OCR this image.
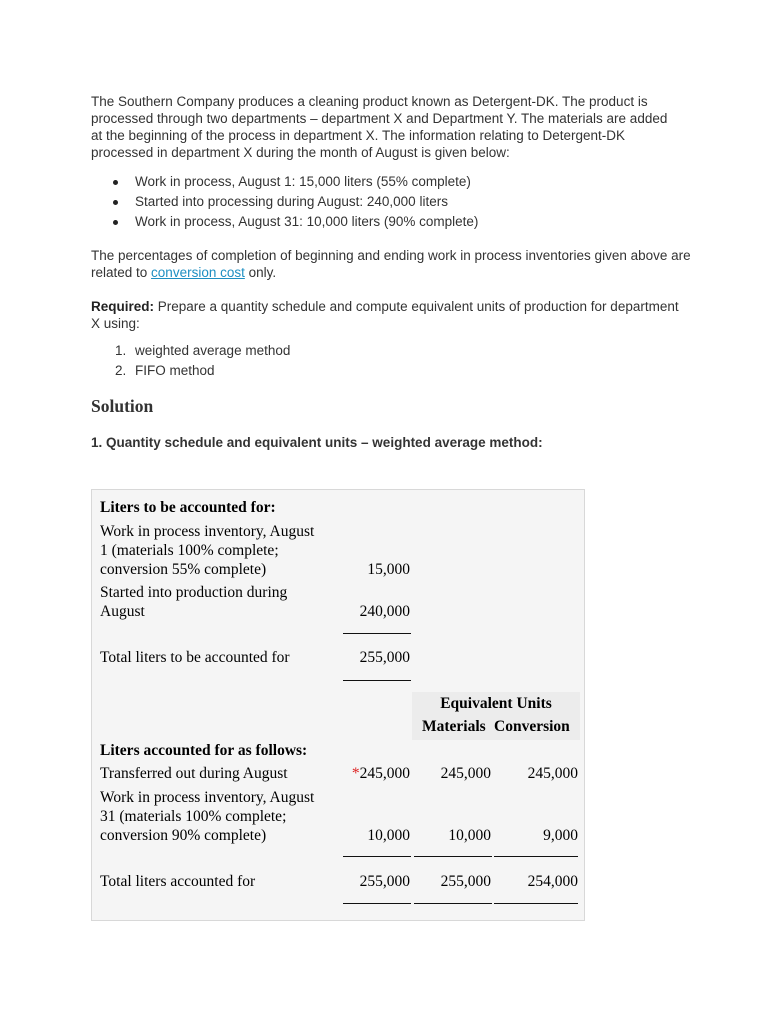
The Southern Company produces a cleaning product known as Detergent-DK. The product is processed through two departments – department X and Department Y. The materials are added at the beginning of the process in department X. The information relating to Detergent-DK processed in department X during the month of August is given below:

Work in process, August 1: 15,000 liters (55% complete)
Started into processing during August: 240,000 liters
Work in process, August 31: 10,000 liters (90% complete)

The percentages of completion of beginning and ending work in process inventories given above are related to conversion cost only.

Required: Prepare a quantity schedule and compute equivalent units of production for department X using:

1. weighted average method
2. FIFO method
Solution
1. Quantity schedule and equivalent units – weighted average method:
Liters to be accounted for:
Work in process inventory, August
1 (materials 100% complete;
conversion 55% complete)	15,000
Started into production during
August	240,000
Total liters to be accounted for	255,000
Equivalent Units
Materials Conversion
Liters accounted for as follows:
Transferred out during August	*245,000	245,000	245,000
Work in process inventory, August
31 (materials 100% complete;
conversion 90% complete)	10,000	10,000	9,000
Total liters accounted for	255,000	255,000	254,000
